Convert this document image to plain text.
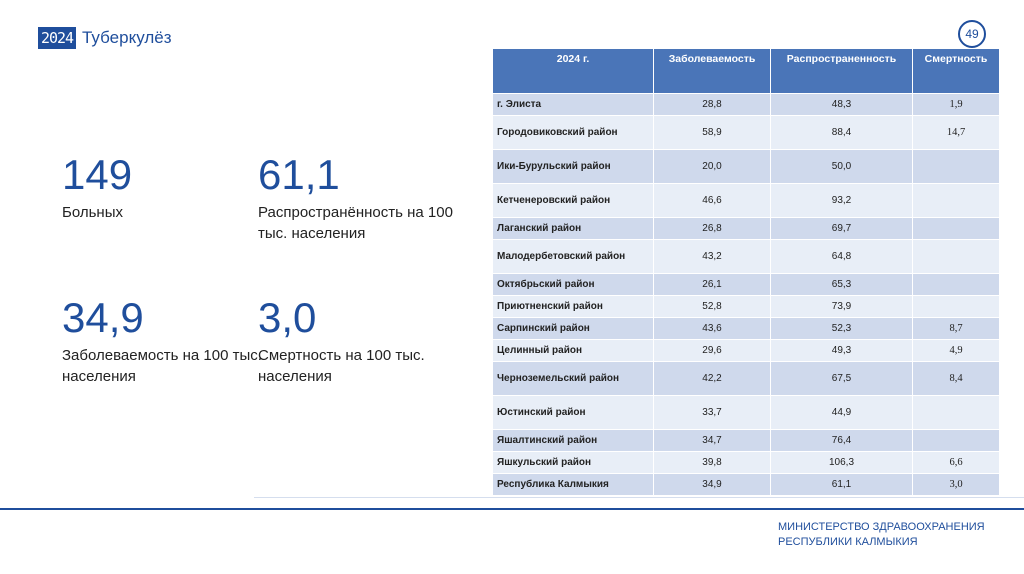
2024 Туберкулёз	49
149
Больных
61,1
Распространённость на 100 тыс. населения
34,9
Заболеваемость на 100 тыс. населения
3,0
Смертность на 100 тыс. населения
2024 г.	Заболеваемость	Распространенность	Смертность
г. Элиста	28,8	48,3	1,9
Городовиковский район	58,9	88,4	14,7
Ики-Бурульский район	20,0	50,0	
Кетченеровский район	46,6	93,2	
Лаганский район	26,8	69,7	
Малодербетовский район	43,2	64,8	
Октябрьский район	26,1	65,3	
Приютненский район	52,8	73,9	
Сарпинский район	43,6	52,3	8,7
Целинный район	29,6	49,3	4,9
Черноземельский район	42,2	67,5	8,4
Юстинский район	33,7	44,9	
Яшалтинский район	34,7	76,4	
Яшкульский район	39,8	106,3	6,6
Республика Калмыкия	34,9	61,1	3,0
МИНИСТЕРСТВО ЗДРАВООХРАНЕНИЯ РЕСПУБЛИКИ КАЛМЫКИЯ
